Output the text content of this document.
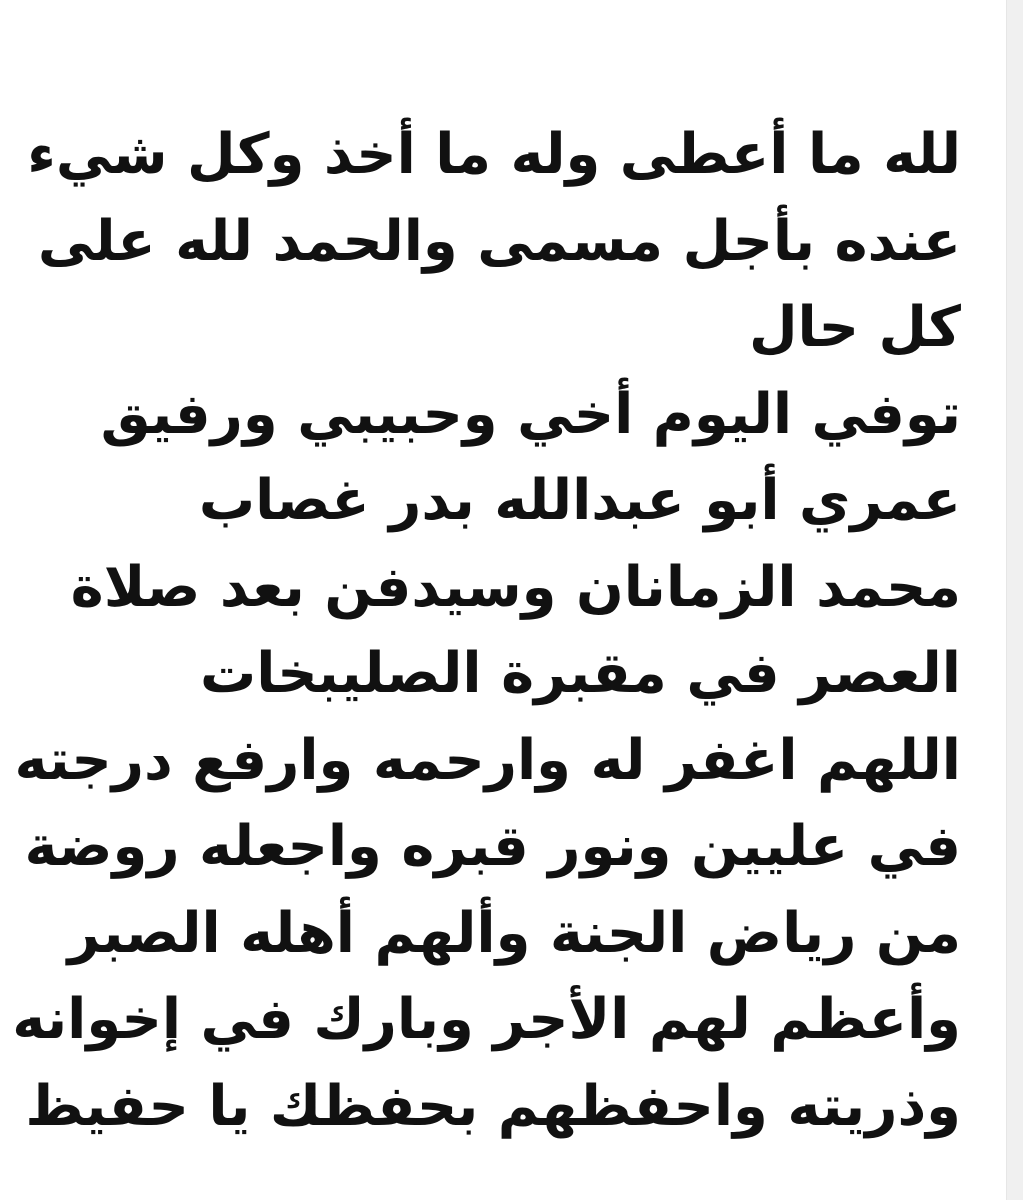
لله ما أعطى وله ما أخذ وكل شيء
عنده بأجل مسمى والحمد لله على
كل حال
توفي اليوم أخي وحبيبي ورفيق
عمري أبو عبدالله بدر غصاب
محمد الزمانان وسيدفن بعد صلاة
العصر في مقبرة الصليبخات
اللهم اغفر له وارحمه وارفع درجته
في عليين ونور قبره واجعله روضة
من رياض الجنة وألهم أهله الصبر
وأعظم لهم الأجر وبارك في إخوانه
وذريته واحفظهم بحفظك يا حفيظ
